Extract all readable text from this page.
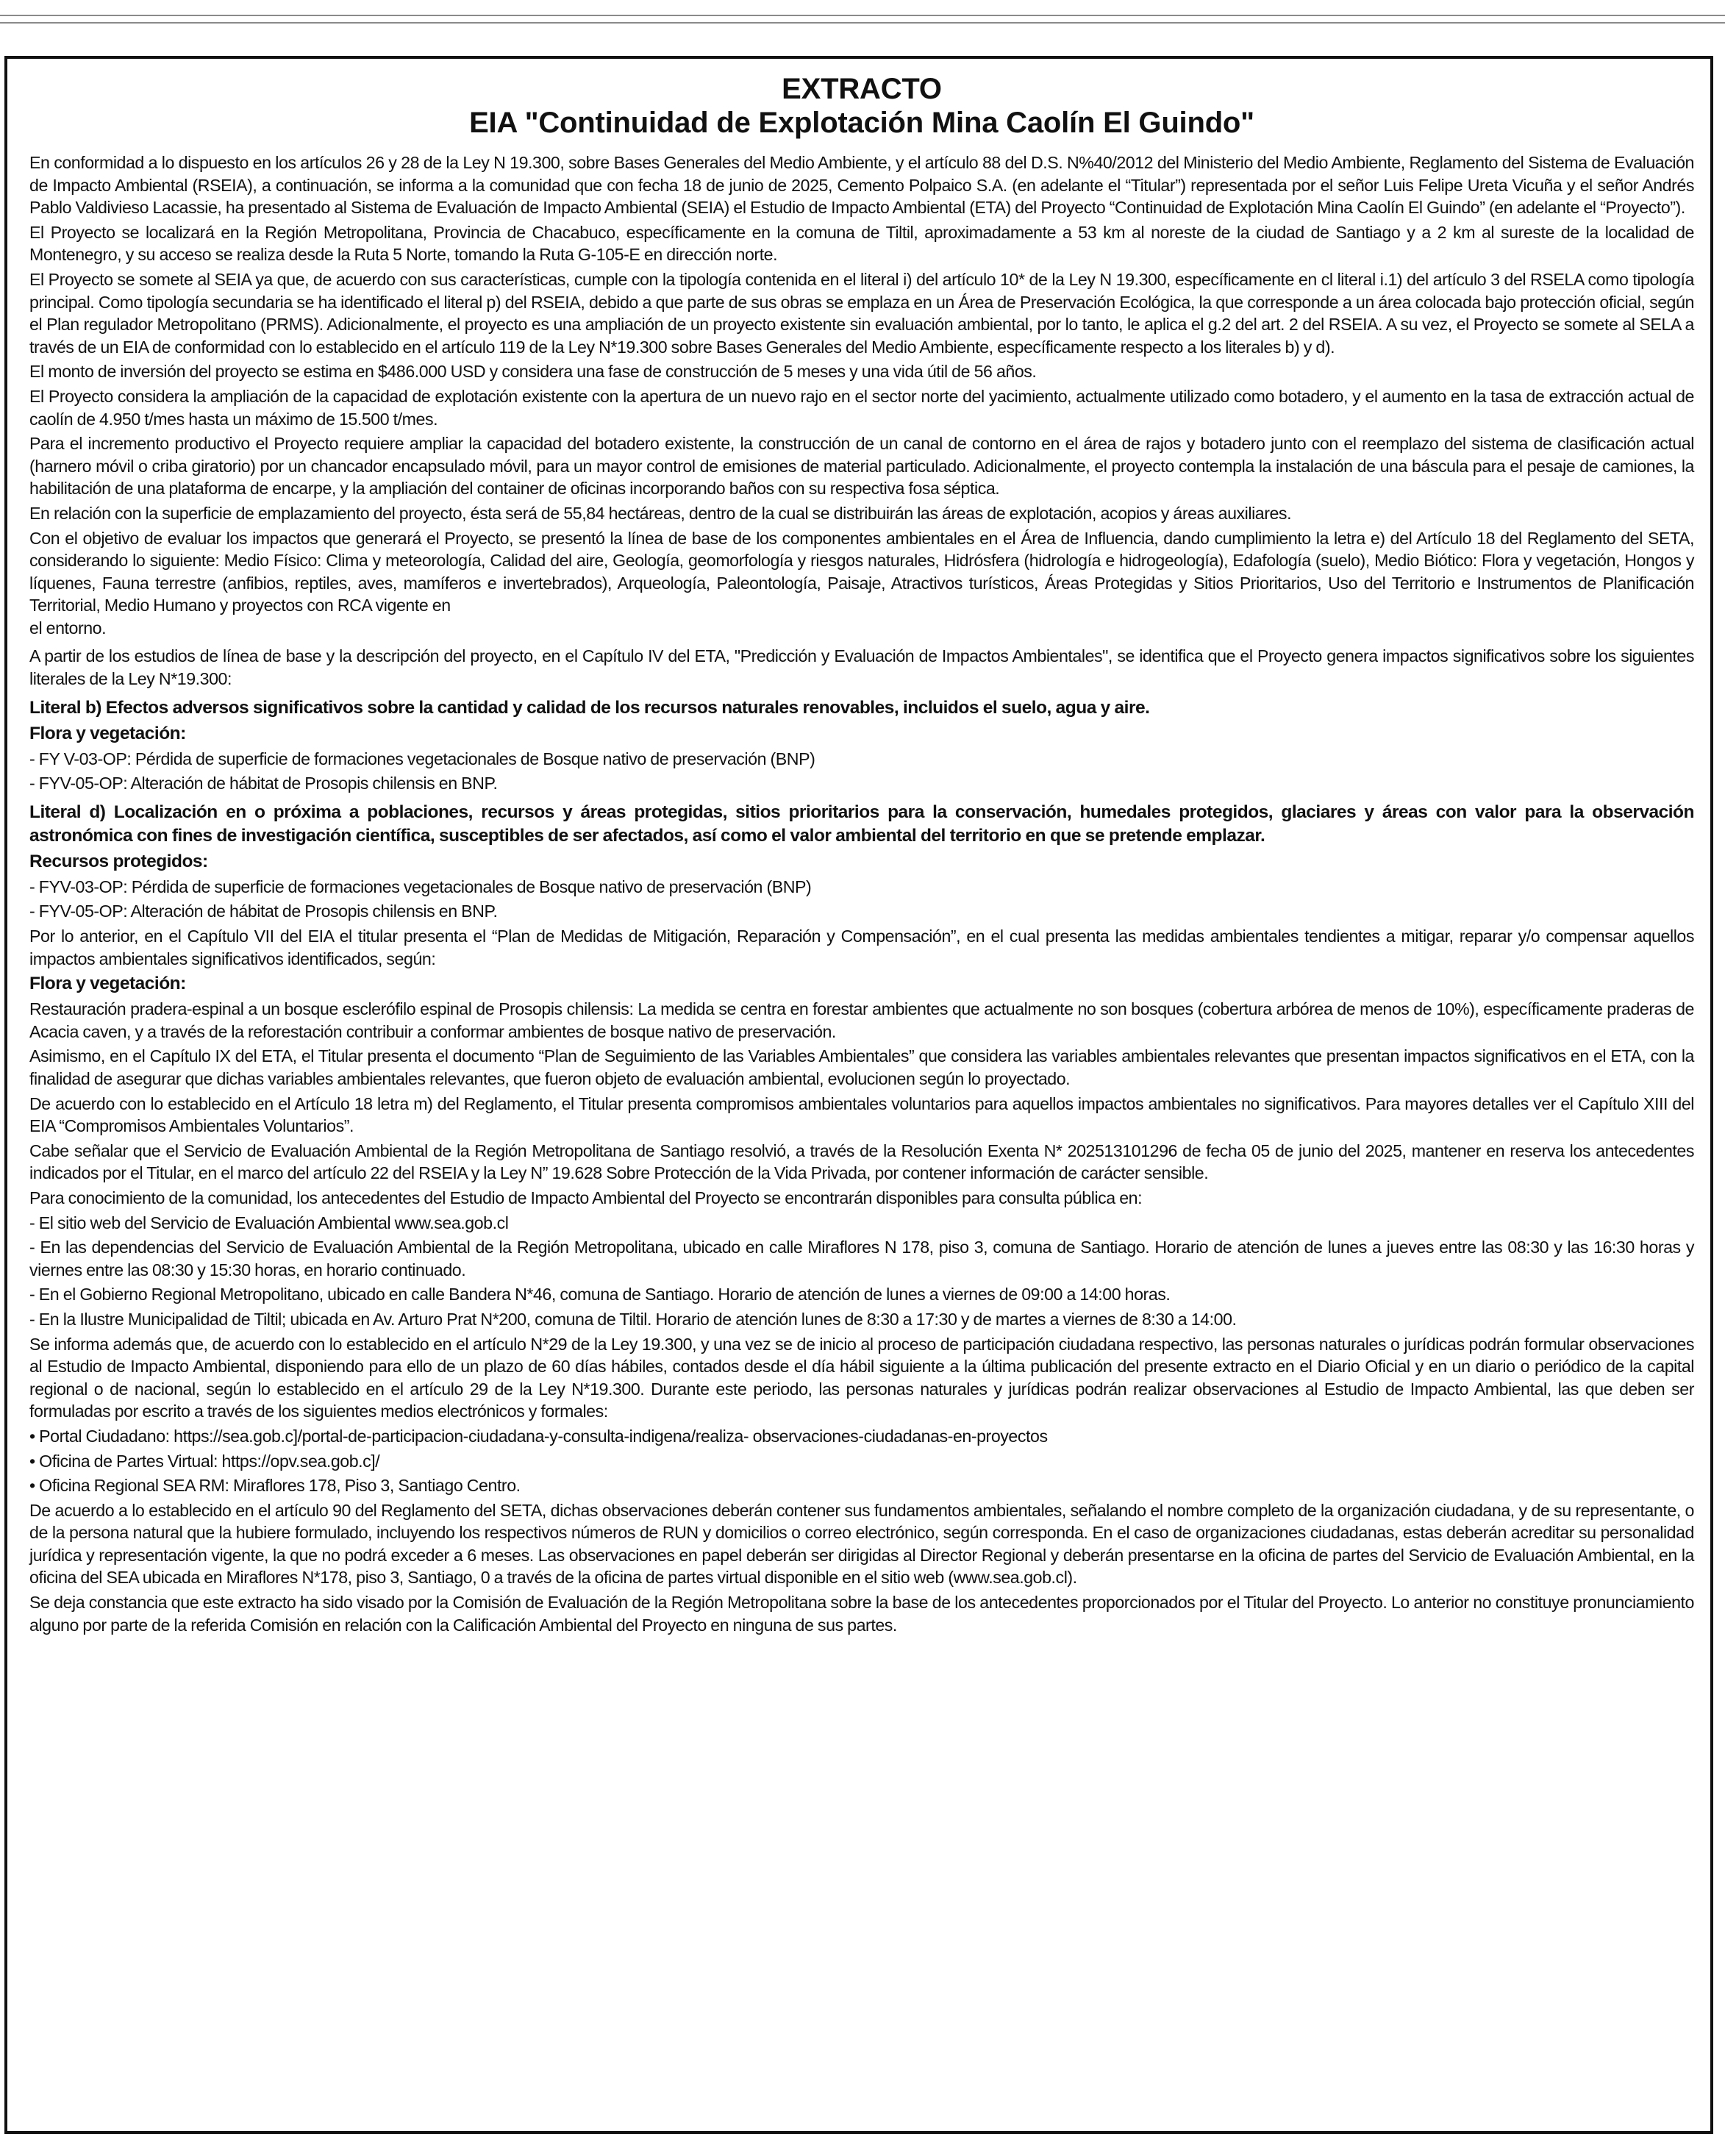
EXTRACTO
EIA "Continuidad de Explotación Mina Caolín El Guindo"

En conformidad a lo dispuesto en los artículos 26 y 28 de la Ley N 19.300, sobre Bases Generales del Medio Ambiente, y el artículo 88 del D.S. N%40/2012 del Ministerio del Medio Ambiente, Reglamento del Sistema de Evaluación de Impacto Ambiental (RSEIA), a continuación, se informa a la comunidad que con fecha 18 de junio de 2025, Cemento Polpaico S.A. (en adelante el “Titular”) representada por el señor Luis Felipe Ureta Vicuña y el señor Andrés Pablo Valdivieso Lacassie, ha presentado al Sistema de Evaluación de Impacto Ambiental (SEIA) el Estudio de Impacto Ambiental (ETA) del Proyecto “Continuidad de Explotación Mina Caolín El Guindo” (en adelante el “Proyecto”).

El Proyecto se localizará en la Región Metropolitana, Provincia de Chacabuco, específicamente en la comuna de Tiltil, aproximadamente a 53 km al noreste de la ciudad de Santiago y a 2 km al sureste de la localidad de Montenegro, y su acceso se realiza desde la Ruta 5 Norte, tomando la Ruta G-105-E en dirección norte.

El Proyecto se somete al SEIA ya que, de acuerdo con sus características, cumple con la tipología contenida en el literal i) del artículo 10* de la Ley N 19.300, específicamente en cl literal i.1) del artículo 3 del RSELA como tipología principal. Como tipología secundaria se ha identificado el literal p) del RSEIA, debido a que parte de sus obras se emplaza en un Área de Preservación Ecológica, la que corresponde a un área colocada bajo protección oficial, según el Plan regulador Metropolitano (PRMS). Adicionalmente, el proyecto es una ampliación de un proyecto existente sin evaluación ambiental, por lo tanto, le aplica el g.2 del art. 2 del RSEIA. A su vez, el Proyecto se somete al SELA a través de un EIA de conformidad con lo establecido en el artículo 119 de la Ley N*19.300 sobre Bases Generales del Medio Ambiente, específicamente respecto a los literales b) y d).

El monto de inversión del proyecto se estima en $486.000 USD y considera una fase de construcción de 5 meses y una vida útil de 56 años.

El Proyecto considera la ampliación de la capacidad de explotación existente con la apertura de un nuevo rajo en el sector norte del yacimiento, actualmente utilizado como botadero, y el aumento en la tasa de extracción actual de caolín de 4.950 t/mes hasta un máximo de 15.500 t/mes.

Para el incremento productivo el Proyecto requiere ampliar la capacidad del botadero existente, la construcción de un canal de contorno en el área de rajos y botadero junto con el reemplazo del sistema de clasificación actual (harnero móvil o criba giratorio) por un chancador encapsulado móvil, para un mayor control de emisiones de material particulado. Adicionalmente, el proyecto contempla la instalación de una báscula para el pesaje de camiones, la habilitación de una plataforma de encarpe, y la ampliación del container de oficinas incorporando baños con su respectiva fosa séptica.

En relación con la superficie de emplazamiento del proyecto, ésta será de 55,84 hectáreas, dentro de la cual se distribuirán las áreas de explotación, acopios y áreas auxiliares.

Con el objetivo de evaluar los impactos que generará el Proyecto, se presentó la línea de base de los componentes ambientales en el Área de Influencia, dando cumplimiento la letra e) del Artículo 18 del Reglamento del SETA, considerando lo siguiente: Medio Físico: Clima y meteorología, Calidad del aire, Geología, geomorfología y riesgos naturales, Hidrósfera (hidrología e hidrogeología), Edafología (suelo), Medio Biótico: Flora y vegetación, Hongos y líquenes, Fauna terrestre (anfibios, reptiles, aves, mamíferos e invertebrados), Arqueología, Paleontología, Paisaje, Atractivos turísticos, Áreas Protegidas y Sitios Prioritarios, Uso del Territorio e Instrumentos de Planificación Territorial, Medio Humano y proyectos con RCA vigente en

el entorno.

A partir de los estudios de línea de base y la descripción del proyecto, en el Capítulo IV del ETA, "Predicción y Evaluación de Impactos Ambientales", se identifica que el Proyecto genera impactos significativos sobre los siguientes literales de la Ley N*19.300:

Literal b) Efectos adversos significativos sobre la cantidad y calidad de los recursos naturales renovables, incluidos el suelo, agua y aire.
Flora y vegetación:

- FY V-03-OP: Pérdida de superficie de formaciones vegetacionales de Bosque nativo de preservación (BNP)

- FYV-05-OP: Alteración de hábitat de Prosopis chilensis en BNP.

Literal d) Localización en o próxima a poblaciones, recursos y áreas protegidas, sitios prioritarios para la conservación, humedales protegidos, glaciares y áreas con valor para la observación astronómica con fines de investigación científica, susceptibles de ser afectados, así como el valor ambiental del territorio en que se pretende emplazar.
Recursos protegidos:

- FYV-03-OP: Pérdida de superficie de formaciones vegetacionales de Bosque nativo de preservación (BNP)

- FYV-05-OP: Alteración de hábitat de Prosopis chilensis en BNP.

Por lo anterior, en el Capítulo VII del EIA el titular presenta el “Plan de Medidas de Mitigación, Reparación y Compensación”, en el cual presenta las medidas ambientales tendientes a mitigar, reparar y/o compensar aquellos impactos ambientales significativos identificados, según:

Flora y vegetación:

Restauración pradera-espinal a un bosque esclerófilo espinal de Prosopis chilensis: La medida se centra en forestar ambientes que actualmente no son bosques (cobertura arbórea de menos de 10%), específicamente praderas de Acacia caven, y a través de la reforestación contribuir a conformar ambientes de bosque nativo de preservación.

Asimismo, en el Capítulo IX del ETA, el Titular presenta el documento “Plan de Seguimiento de las Variables Ambientales” que considera las variables ambientales relevantes que presentan impactos significativos en el ETA, con la finalidad de asegurar que dichas variables ambientales relevantes, que fueron objeto de evaluación ambiental, evolucionen según lo proyectado.

De acuerdo con lo establecido en el Artículo 18 letra m) del Reglamento, el Titular presenta compromisos ambientales voluntarios para aquellos impactos ambientales no significativos. Para mayores detalles ver el Capítulo XIII del EIA “Compromisos Ambientales Voluntarios”.

Cabe señalar que el Servicio de Evaluación Ambiental de la Región Metropolitana de Santiago resolvió, a través de la Resolución Exenta N* 202513101296 de fecha 05 de junio del 2025, mantener en reserva los antecedentes indicados por el Titular, en el marco del artículo 22 del RSEIA y la Ley N” 19.628 Sobre Protección de la Vida Privada, por contener información de carácter sensible.

Para conocimiento de la comunidad, los antecedentes del Estudio de Impacto Ambiental del Proyecto se encontrarán disponibles para consulta pública en:

- El sitio web del Servicio de Evaluación Ambiental www.sea.gob.cl

- En las dependencias del Servicio de Evaluación Ambiental de la Región Metropolitana, ubicado en calle Miraflores N 178, piso 3, comuna de Santiago. Horario de atención de lunes a jueves entre las 08:30 y las 16:30 horas y viernes entre las 08:30 y 15:30 horas, en horario continuado.

- En el Gobierno Regional Metropolitano, ubicado en calle Bandera N*46, comuna de Santiago. Horario de atención de lunes a viernes de 09:00 a 14:00 horas.

- En la Ilustre Municipalidad de Tiltil; ubicada en Av. Arturo Prat N*200, comuna de Tiltil. Horario de atención lunes de 8:30 a 17:30 y de martes a viernes de 8:30 a 14:00.

Se informa además que, de acuerdo con lo establecido en el artículo N*29 de la Ley 19.300, y una vez se de inicio al proceso de participación ciudadana respectivo, las personas naturales o jurídicas podrán formular observaciones al Estudio de Impacto Ambiental, disponiendo para ello de un plazo de 60 días hábiles, contados desde el día hábil siguiente a la última publicación del presente extracto en el Diario Oficial y en un diario o periódico de la capital regional o de nacional, según lo establecido en el artículo 29 de la Ley N*19.300. Durante este periodo, las personas naturales y jurídicas podrán realizar observaciones al Estudio de Impacto Ambiental, las que deben ser formuladas por escrito a través de los siguientes medios electrónicos y formales:

• Portal Ciudadano: https://sea.gob.c]/portal-de-participacion-ciudadana-y-consulta-indigena/realiza- observaciones-ciudadanas-en-proyectos

• Oficina de Partes Virtual: https://opv.sea.gob.c]/

• Oficina Regional SEA RM: Miraflores 178, Piso 3, Santiago Centro.

De acuerdo a lo establecido en el artículo 90 del Reglamento del SETA, dichas observaciones deberán contener sus fundamentos ambientales, señalando el nombre completo de la organización ciudadana, y de su representante, o de la persona natural que la hubiere formulado, incluyendo los respectivos números de RUN y domicilios o correo electrónico, según corresponda. En el caso de organizaciones ciudadanas, estas deberán acreditar su personalidad jurídica y representación vigente, la que no podrá exceder a 6 meses. Las observaciones en papel deberán ser dirigidas al Director Regional y deberán presentarse en la oficina de partes del Servicio de Evaluación Ambiental, en la oficina del SEA ubicada en Miraflores N*178, piso 3, Santiago, 0 a través de la oficina de partes virtual disponible en el sitio web (www.sea.gob.cl).

Se deja constancia que este extracto ha sido visado por la Comisión de Evaluación de la Región Metropolitana sobre la base de los antecedentes proporcionados por el Titular del Proyecto. Lo anterior no constituye pronunciamiento alguno por parte de la referida Comisión en relación con la Calificación Ambiental del Proyecto en ninguna de sus partes.
